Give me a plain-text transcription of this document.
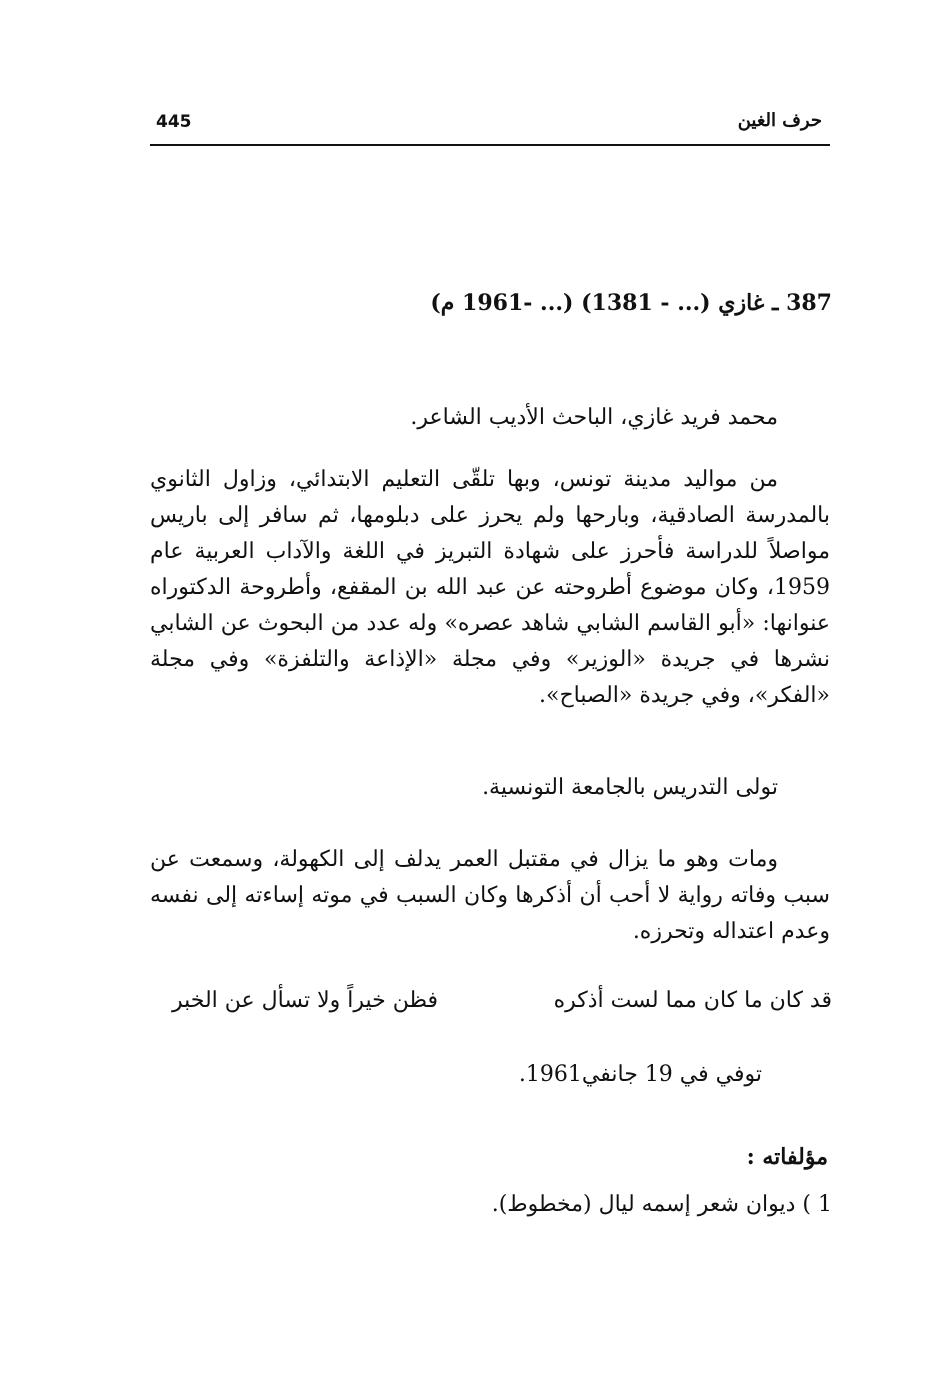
445	حرف الغين
387 ـ غازي (... - 1381) (... -1961 م)

محمد فريد غازي، الباحث الأديب الشاعر.

من مواليد مدينة تونس، وبها تلقّى التعليم الابتدائي، وزاول الثانوي بالمدرسة الصادقية، وبارحها ولم يحرز على دبلومها، ثم سافر إلى باريس مواصلاً للدراسة فأحرز على شهادة التبريز في اللغة والآداب العربية عام 1959، وكان موضوع أطروحته عن عبد الله بن المقفع، وأطروحة الدكتوراه عنوانها: «أبو القاسم الشابي شاهد عصره» وله عدد من البحوث عن الشابي نشرها في جريدة «الوزير» وفي مجلة «الإذاعة والتلفزة» وفي مجلة «الفكر»، وفي جريدة «الصباح».

تولى التدريس بالجامعة التونسية.

ومات وهو ما يزال في مقتبل العمر يدلف إلى الكهولة، وسمعت عن سبب وفاته رواية لا أحب أن أذكرها وكان السبب في موته إساءته إلى نفسه وعدم اعتداله وتحرزه.

قد كان ما كان مما لست أذكره
فظن خيراً ولا تسأل عن الخبر
توفي في 19 جانفي1961.
مؤلفاته :
1 ) ديوان شعر إسمه ليال (مخطوط).
